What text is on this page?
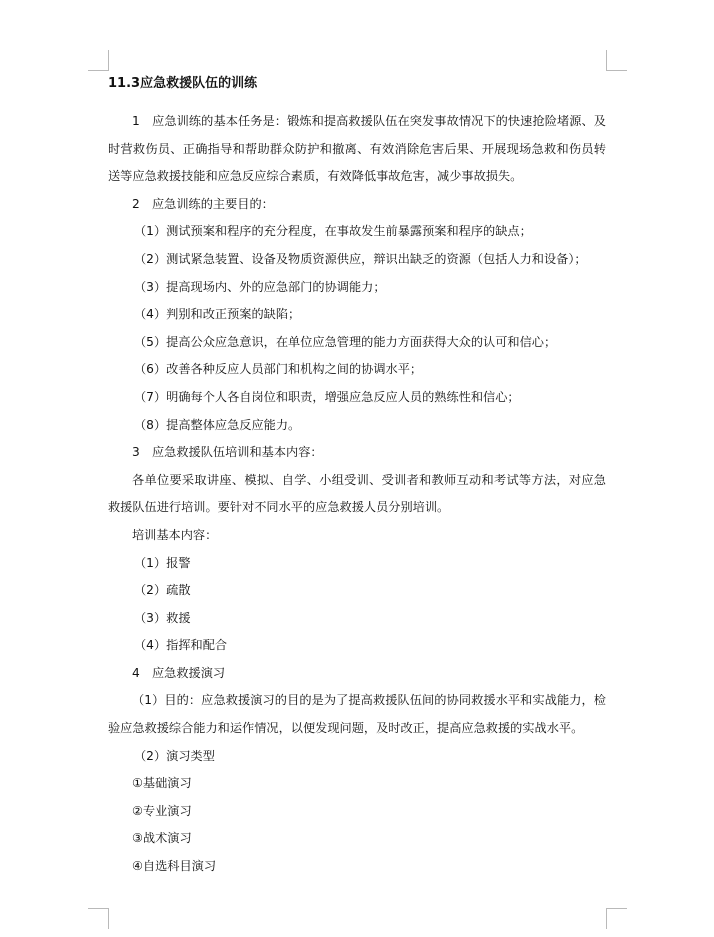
11.3应急救援队伍的训练

1　应急训练的基本任务是：锻炼和提高救援队伍在突发事故情况下的快速抢险堵源、及时营救伤员、正确指导和帮助群众防护和撤离、有效消除危害后果、开展现场急救和伤员转送等应急救援技能和应急反应综合素质，有效降低事故危害，减少事故损失。

2　应急训练的主要目的：

（1）测试预案和程序的充分程度，在事故发生前暴露预案和程序的缺点；

（2）测试紧急装置、设备及物质资源供应，辩识出缺乏的资源（包括人力和设备）；

（3）提高现场内、外的应急部门的协调能力；

（4）判别和改正预案的缺陷；

（5）提高公众应急意识，在单位应急管理的能力方面获得大众的认可和信心；

（6）改善各种反应人员部门和机构之间的协调水平；

（7）明确每个人各自岗位和职责，增强应急反应人员的熟练性和信心；

（8）提高整体应急反应能力。

3　应急救援队伍培训和基本内容：

各单位要采取讲座、模拟、自学、小组受训、受训者和教师互动和考试等方法，对应急救援队伍进行培训。要针对不同水平的应急救援人员分别培训。

培训基本内容：

（1）报警

（2）疏散

（3）救援

（4）指挥和配合

4　应急救援演习

（1）目的：应急救援演习的目的是为了提高救援队伍间的协同救援水平和实战能力，检验应急救援综合能力和运作情况，以便发现问题，及时改正，提高应急救援的实战水平。

（2）演习类型

①基础演习

②专业演习

③战术演习

④自选科目演习
